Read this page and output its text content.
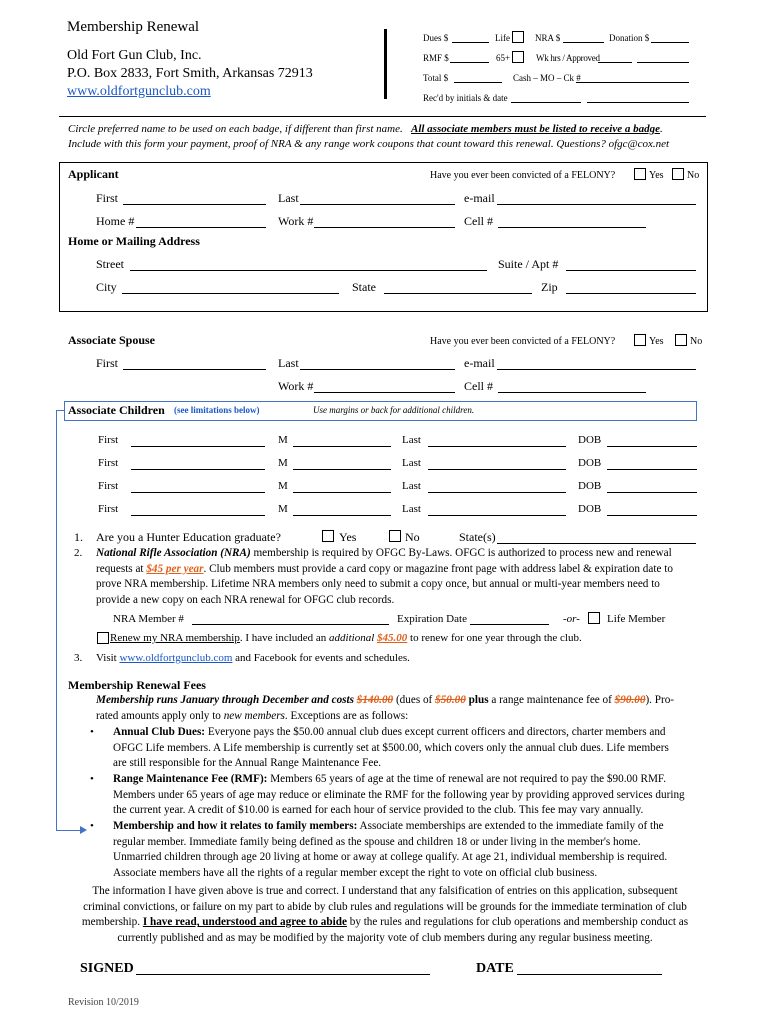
Membership Renewal
Old Fort Gun Club, Inc.
P.O. Box 2833, Fort Smith, Arkansas 72913
www.oldfortgunclub.com
Dues $	Life	NRA $	Donation $
RMF $	65+	Wk hrs / Approved
Total $	Cash – MO – Ck #
Rec'd by initials & date
Circle preferred name to be used on each badge, if different than first name. All associate members must be listed to receive a badge.
Include with this form your payment, proof of NRA & any range work coupons that count toward this renewal. Questions? ofgc@cox.net
Applicant	Have you ever been convicted of a FELONY?	Yes No
First	Last	e-mail
Home #	Work #	Cell #
Home or Mailing Address
Street	Suite / Apt #
City	State	Zip
Associate Spouse	Have you ever been convicted of a FELONY?	Yes	No
First	Last	e-mail
Work #	Cell #
Associate Children (see limitations below)	Use margins or back for additional children.
First	M	Last	DOB
First	M	Last	DOB
First	M	Last	DOB
First	M	Last	DOB
1. Are you a Hunter Education graduate?	Yes	No	State(s)
2. National Rifle Association (NRA) membership is required by OFGC By-Laws. OFGC is authorized to process new and renewal
requests at $45 per year. Club members must provide a card copy or magazine front page with address label & expiration date to
prove NRA membership. Lifetime NRA members only need to submit a copy once, but annual or multi-year members need to
provide a new copy on each NRA renewal for OFGC club records.
NRA Member #	Expiration Date	-or- Life Member
Renew my NRA membership. I have included an additional $45.00 to renew for one year through the club.
3. Visit www.oldfortgunclub.com and Facebook for events and schedules.
Membership Renewal Fees
Membership runs January through December and costs $140.00 (dues of $50.00 plus a range maintenance fee of $90.00). Pro-
rated amounts apply only to new members. Exceptions are as follows:
• Annual Club Dues: Everyone pays the $50.00 annual club dues except current officers and directors, charter members and
OFGC Life members. A Life membership is currently set at $500.00, which covers only the annual club dues. Life members
are still responsible for the Annual Range Maintenance Fee.
• Range Maintenance Fee (RMF): Members 65 years of age at the time of renewal are not required to pay the $90.00 RMF.
Members under 65 years of age may reduce or eliminate the RMF for the following year by providing approved services during
the current year. A credit of $10.00 is earned for each hour of service provided to the club. This fee may vary annually.
• Membership and how it relates to family members: Associate memberships are extended to the immediate family of the
regular member. Immediate family being defined as the spouse and children 18 or under living in the member's home.
Unmarried children through age 20 living at home or away at college qualify. At age 21, individual membership is required.
Associate members have all the rights of a regular member except the right to vote on official club business.
The information I have given above is true and correct. I understand that any falsification of entries on this application, subsequent
criminal convictions, or failure on my part to abide by club rules and regulations will be grounds for the immediate termination of club
membership. I have read, understood and agree to abide by the rules and regulations for club operations and membership conduct as
currently published and as may be modified by the majority vote of club members during any regular business meeting.
SIGNED	DATE
Revision 10/2019
